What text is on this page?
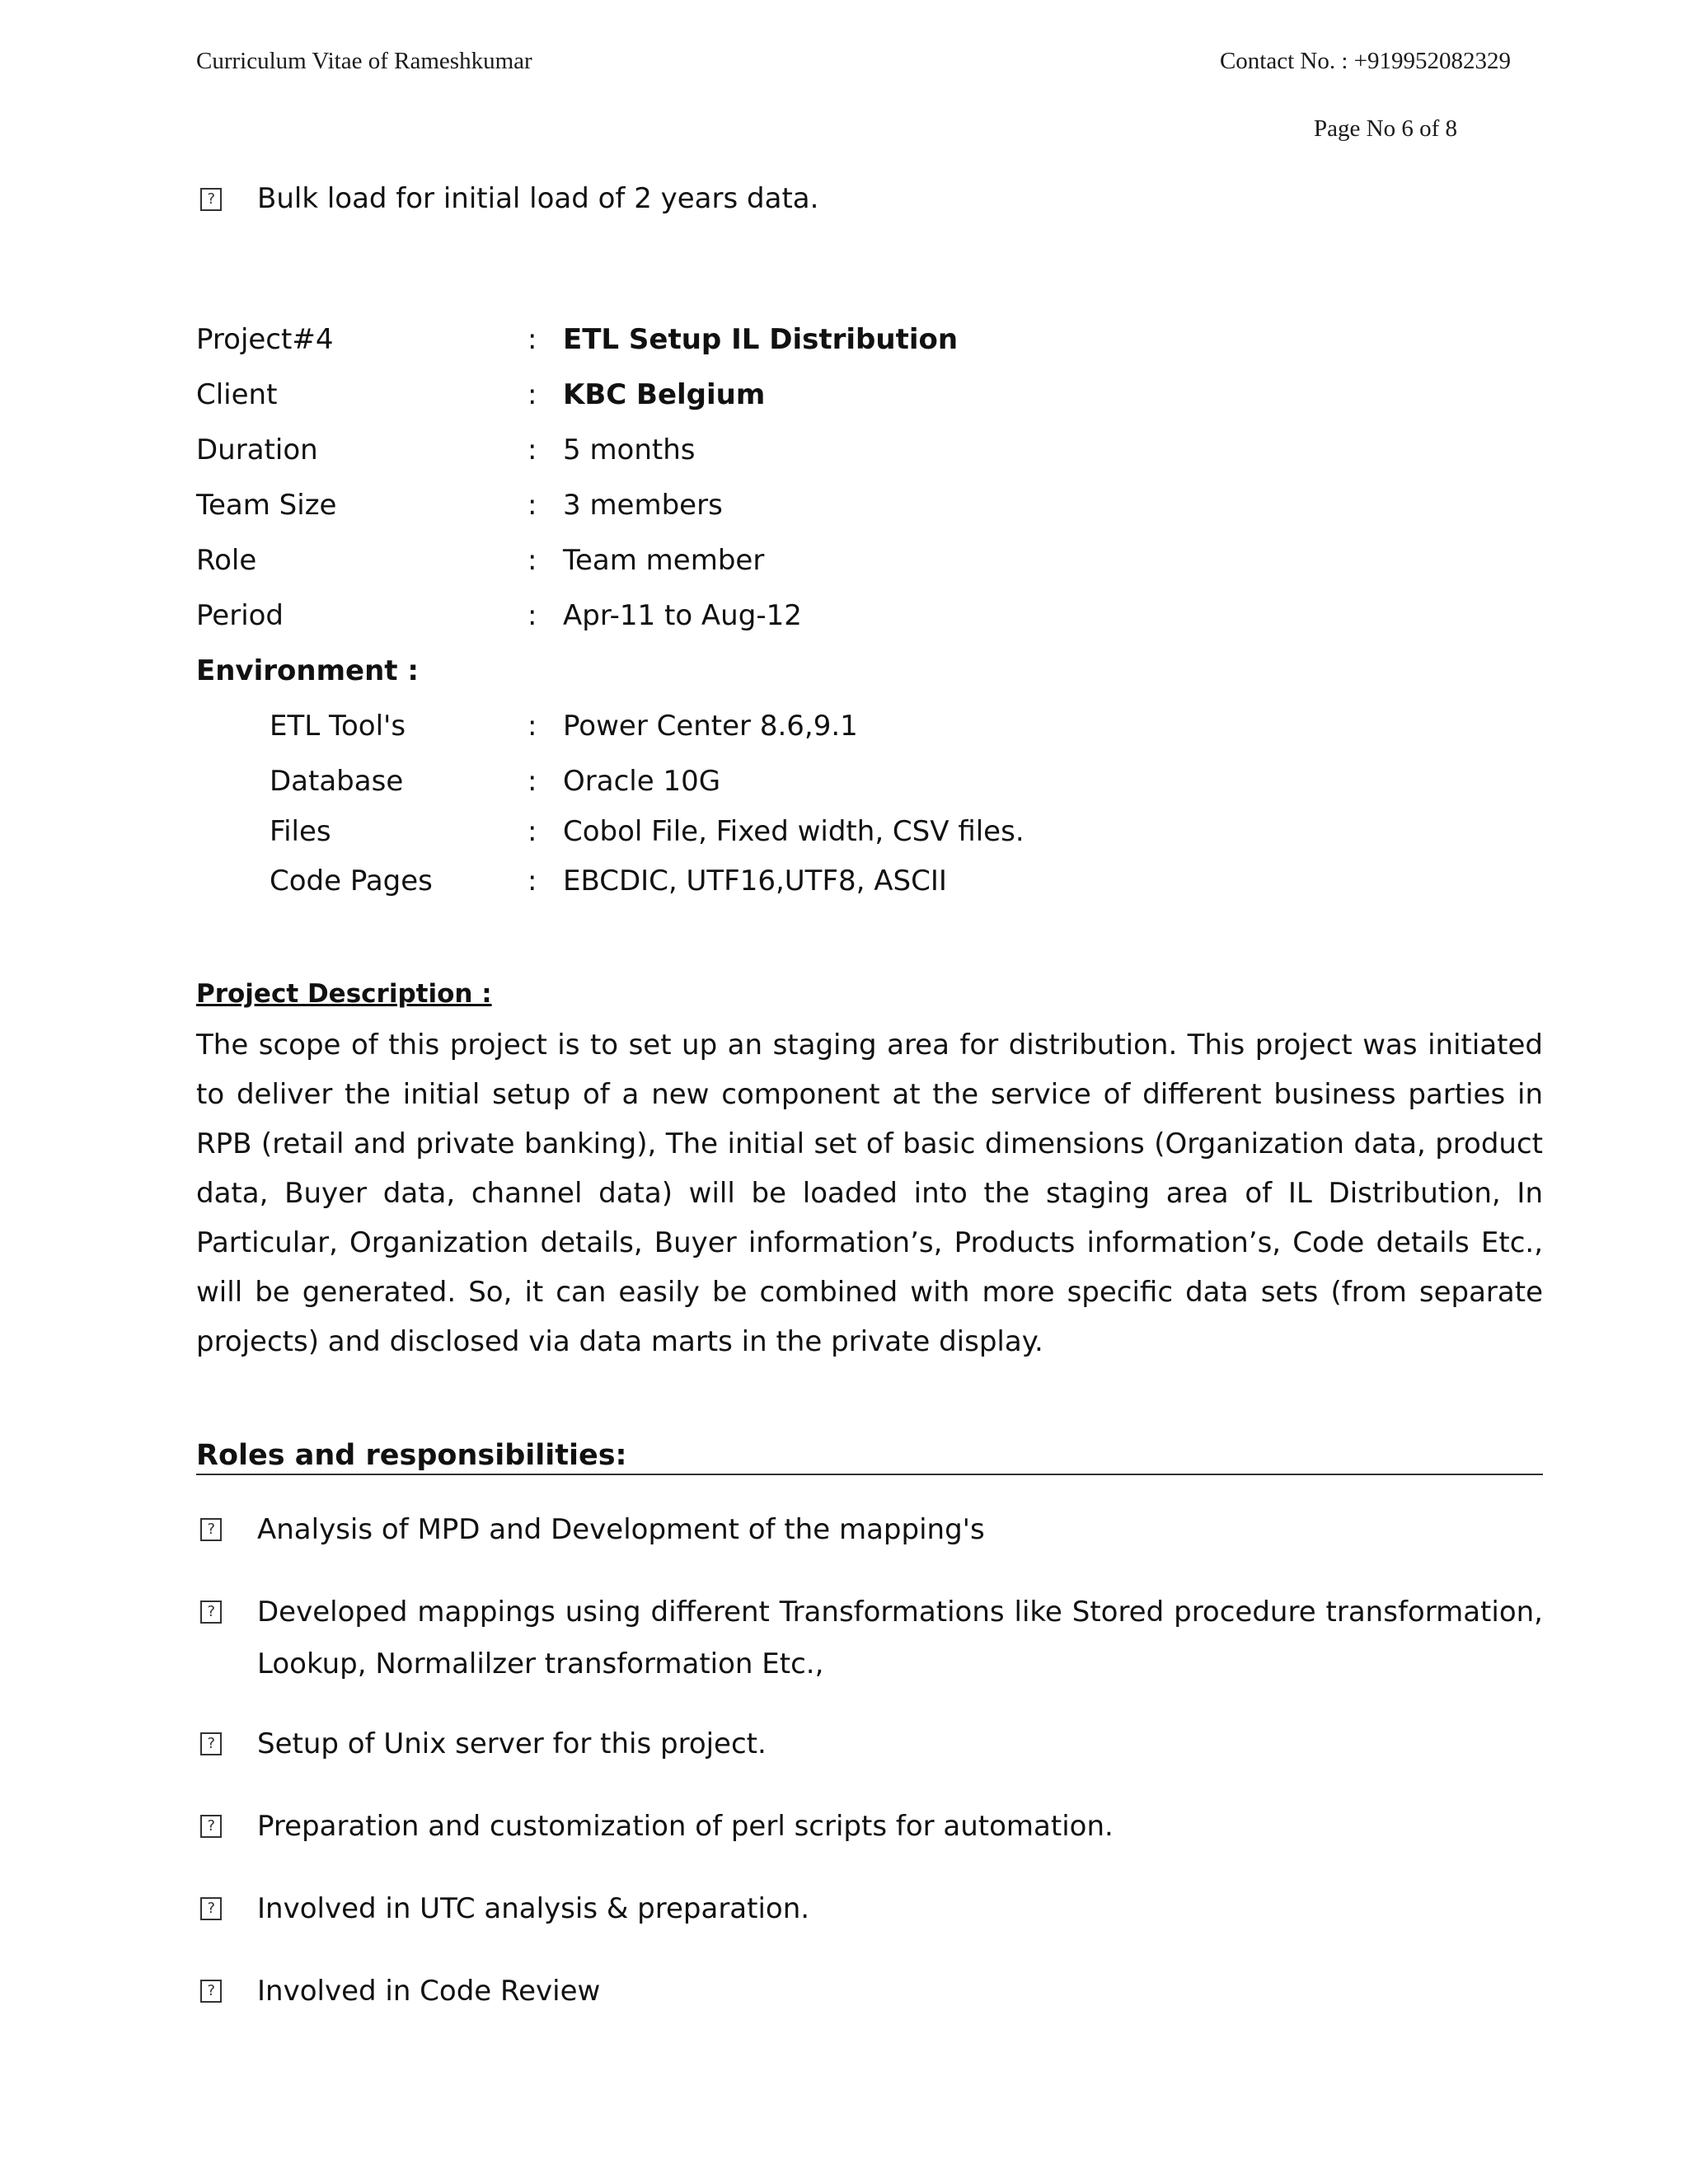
Curriculum Vitae of Rameshkumar	Contact No. : +919952082329
Page No 6 of 8
? Bulk load for initial load of 2 years data.
Project#4	: ETL Setup IL Distribution
Client	: KBC Belgium
Duration	: 5 months
Team Size	: 3 members
Role	: Team member
Period	: Apr-11 to Aug-12
Environment :
ETL Tool's	: Power Center 8.6,9.1
Database	: Oracle 10G
Files	: Cobol File, Fixed width, CSV files.
Code Pages	: EBCDIC, UTF16,UTF8, ASCII
Project Description :
The scope of this project is to set up an staging area for distribution. This project was initiated to deliver the initial setup of a new component at the service of different business parties in RPB (retail and private banking), The initial set of basic dimensions (Organization data, product data, Buyer data, channel data) will be loaded into the staging area of IL Distribution, In Particular, Organization details, Buyer information’s, Products information’s, Code details Etc., will be generated. So, it can easily be combined with more specific data sets (from separate projects) and disclosed via data marts in the private display.
Roles and responsibilities:
? Analysis of MPD and Development of the mapping's
? Developed mappings using different Transformations like Stored procedure transformation, Lookup, Normalilzer transformation Etc.,
? Setup of Unix server for this project.
? Preparation and customization of perl scripts for automation.
? Involved in UTC analysis & preparation.
? Involved in Code Review
